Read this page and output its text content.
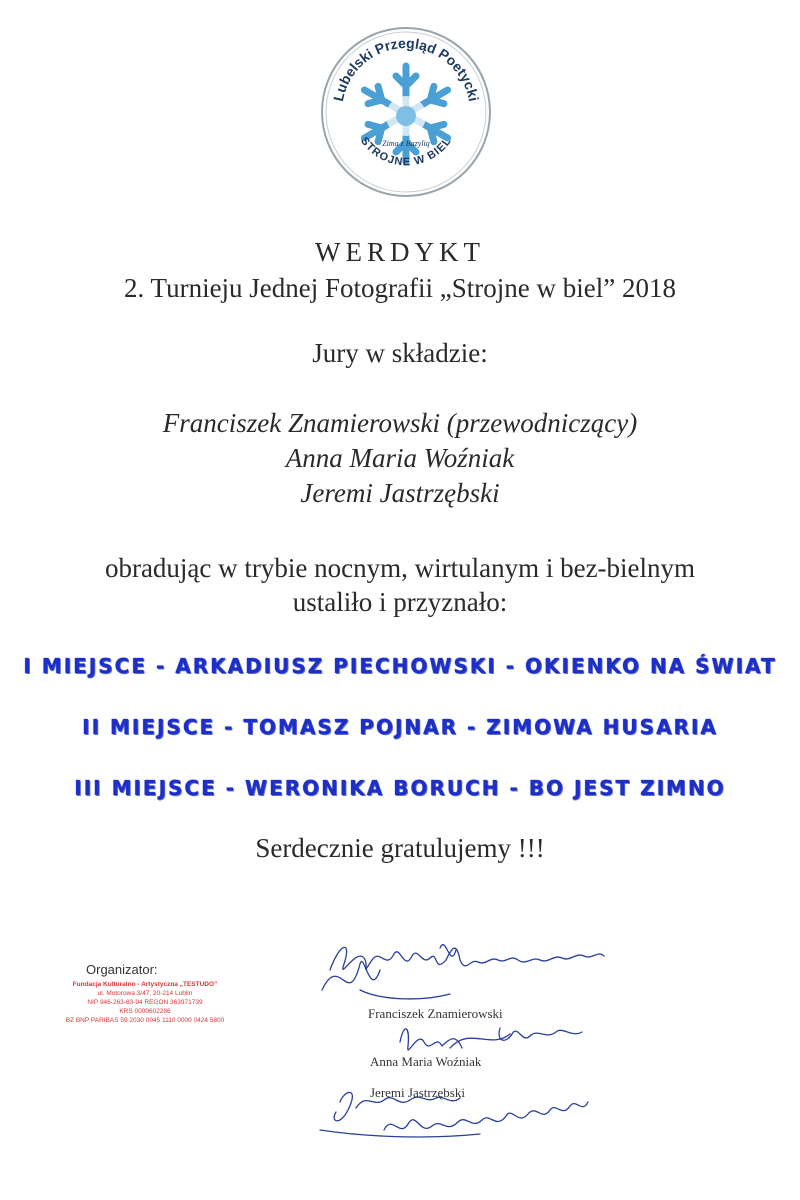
Lubelski Przegląd Poetycki
Zima z Bazylią
STROJNE W BIEL
WERDYKT
2. Turnieju Jednej Fotografii „Strojne w biel” 2018
Jury w składzie:
Franciszek Znamierowski (przewodniczący)
Anna Maria Woźniak
Jeremi Jastrzębski
obradując w trybie nocnym, wirtulanym i bez-bielnym
ustaliło i przyznało:
I MIEJSCE - ARKADIUSZ PIECHOWSKI - OKIENKO NA ŚWIAT
II MIEJSCE - TOMASZ POJNAR - ZIMOWA HUSARIA
III MIEJSCE - WERONIKA BORUCH - BO JEST ZIMNO
Serdecznie gratulujemy !!!
Organizator:
Fundacja Kulturalno - Artystyczna „TESTUDO”
ul. Motorowa 3/47, 20-214 Lublin
NIP 946-263-83-94 REGON 363971739
KRS 0000602286
BZ BNP PARIBAS 59 2030 0045 1110 0000 0424 5800	Franciszek Znamierowski
Anna Maria Woźniak
Jeremi Jastrzębski
